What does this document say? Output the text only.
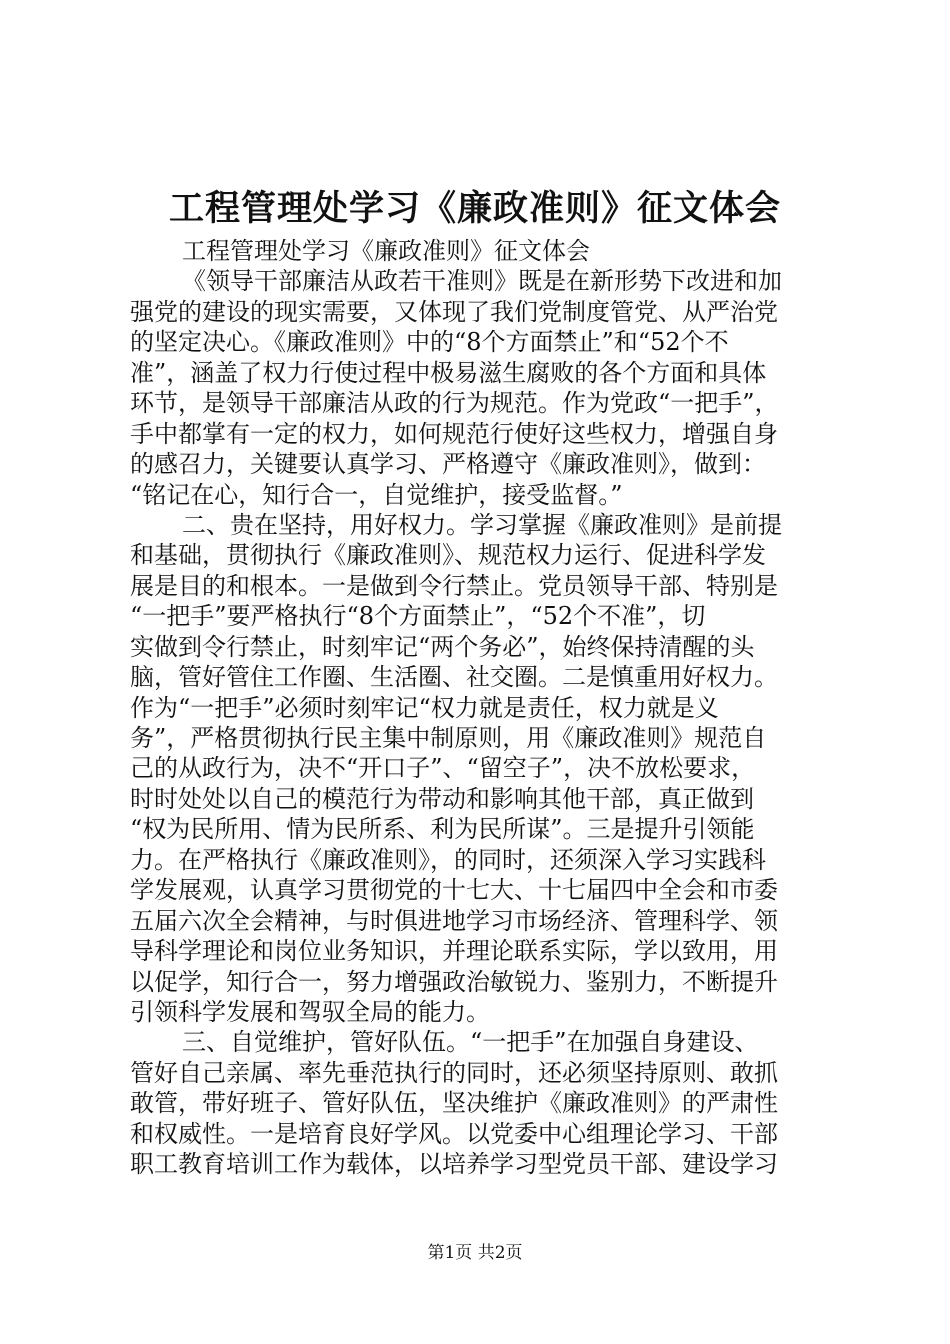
工程管理处学习《廉政准则》征文体会
工程管理处学习《廉政准则》征文体会
《领导干部廉洁从政若干准则》既是在新形势下改进和加
强党的建设的现实需要，又体现了我们党制度管党、从严治党
的坚定决心。《廉政准则》中的“8个方面禁止”和“52个不
准”，涵盖了权力行使过程中极易滋生腐败的各个方面和具体
环节，是领导干部廉洁从政的行为规范。作为党政“一把手”，
手中都掌有一定的权力，如何规范行使好这些权力，增强自身
的感召力，关键要认真学习、严格遵守《廉政准则》，做到：
“铭记在心，知行合一，自觉维护，接受监督。”
二、贵在坚持，用好权力。学习掌握《廉政准则》是前提
和基础，贯彻执行《廉政准则》、规范权力运行、促进科学发
展是目的和根本。一是做到令行禁止。党员领导干部、特别是
“一把手”要严格执行“8个方面禁止”，“52个不准”，切
实做到令行禁止，时刻牢记“两个务必”，始终保持清醒的头
脑，管好管住工作圈、生活圈、社交圈。二是慎重用好权力。
作为“一把手”必须时刻牢记“权力就是责任，权力就是义
务”，严格贯彻执行民主集中制原则，用《廉政准则》规范自
己的从政行为，决不“开口子”、“留空子”，决不放松要求，
时时处处以自己的模范行为带动和影响其他干部，真正做到
“权为民所用、情为民所系、利为民所谋”。三是提升引领能
力。在严格执行《廉政准则》，的同时，还须深入学习实践科
学发展观，认真学习贯彻党的十七大、十七届四中全会和市委
五届六次全会精神，与时俱进地学习市场经济、管理科学、领
导科学理论和岗位业务知识，并理论联系实际，学以致用，用
以促学，知行合一，努力增强政治敏锐力、鉴别力，不断提升
引领科学发展和驾驭全局的能力。
三、自觉维护，管好队伍。“一把手”在加强自身建设、
管好自己亲属、率先垂范执行的同时，还必须坚持原则、敢抓
敢管，带好班子、管好队伍，坚决维护《廉政准则》的严肃性
和权威性。一是培育良好学风。以党委中心组理论学习、干部
职工教育培训工作为载体，以培养学习型党员干部、建设学习
第1页 共2页
